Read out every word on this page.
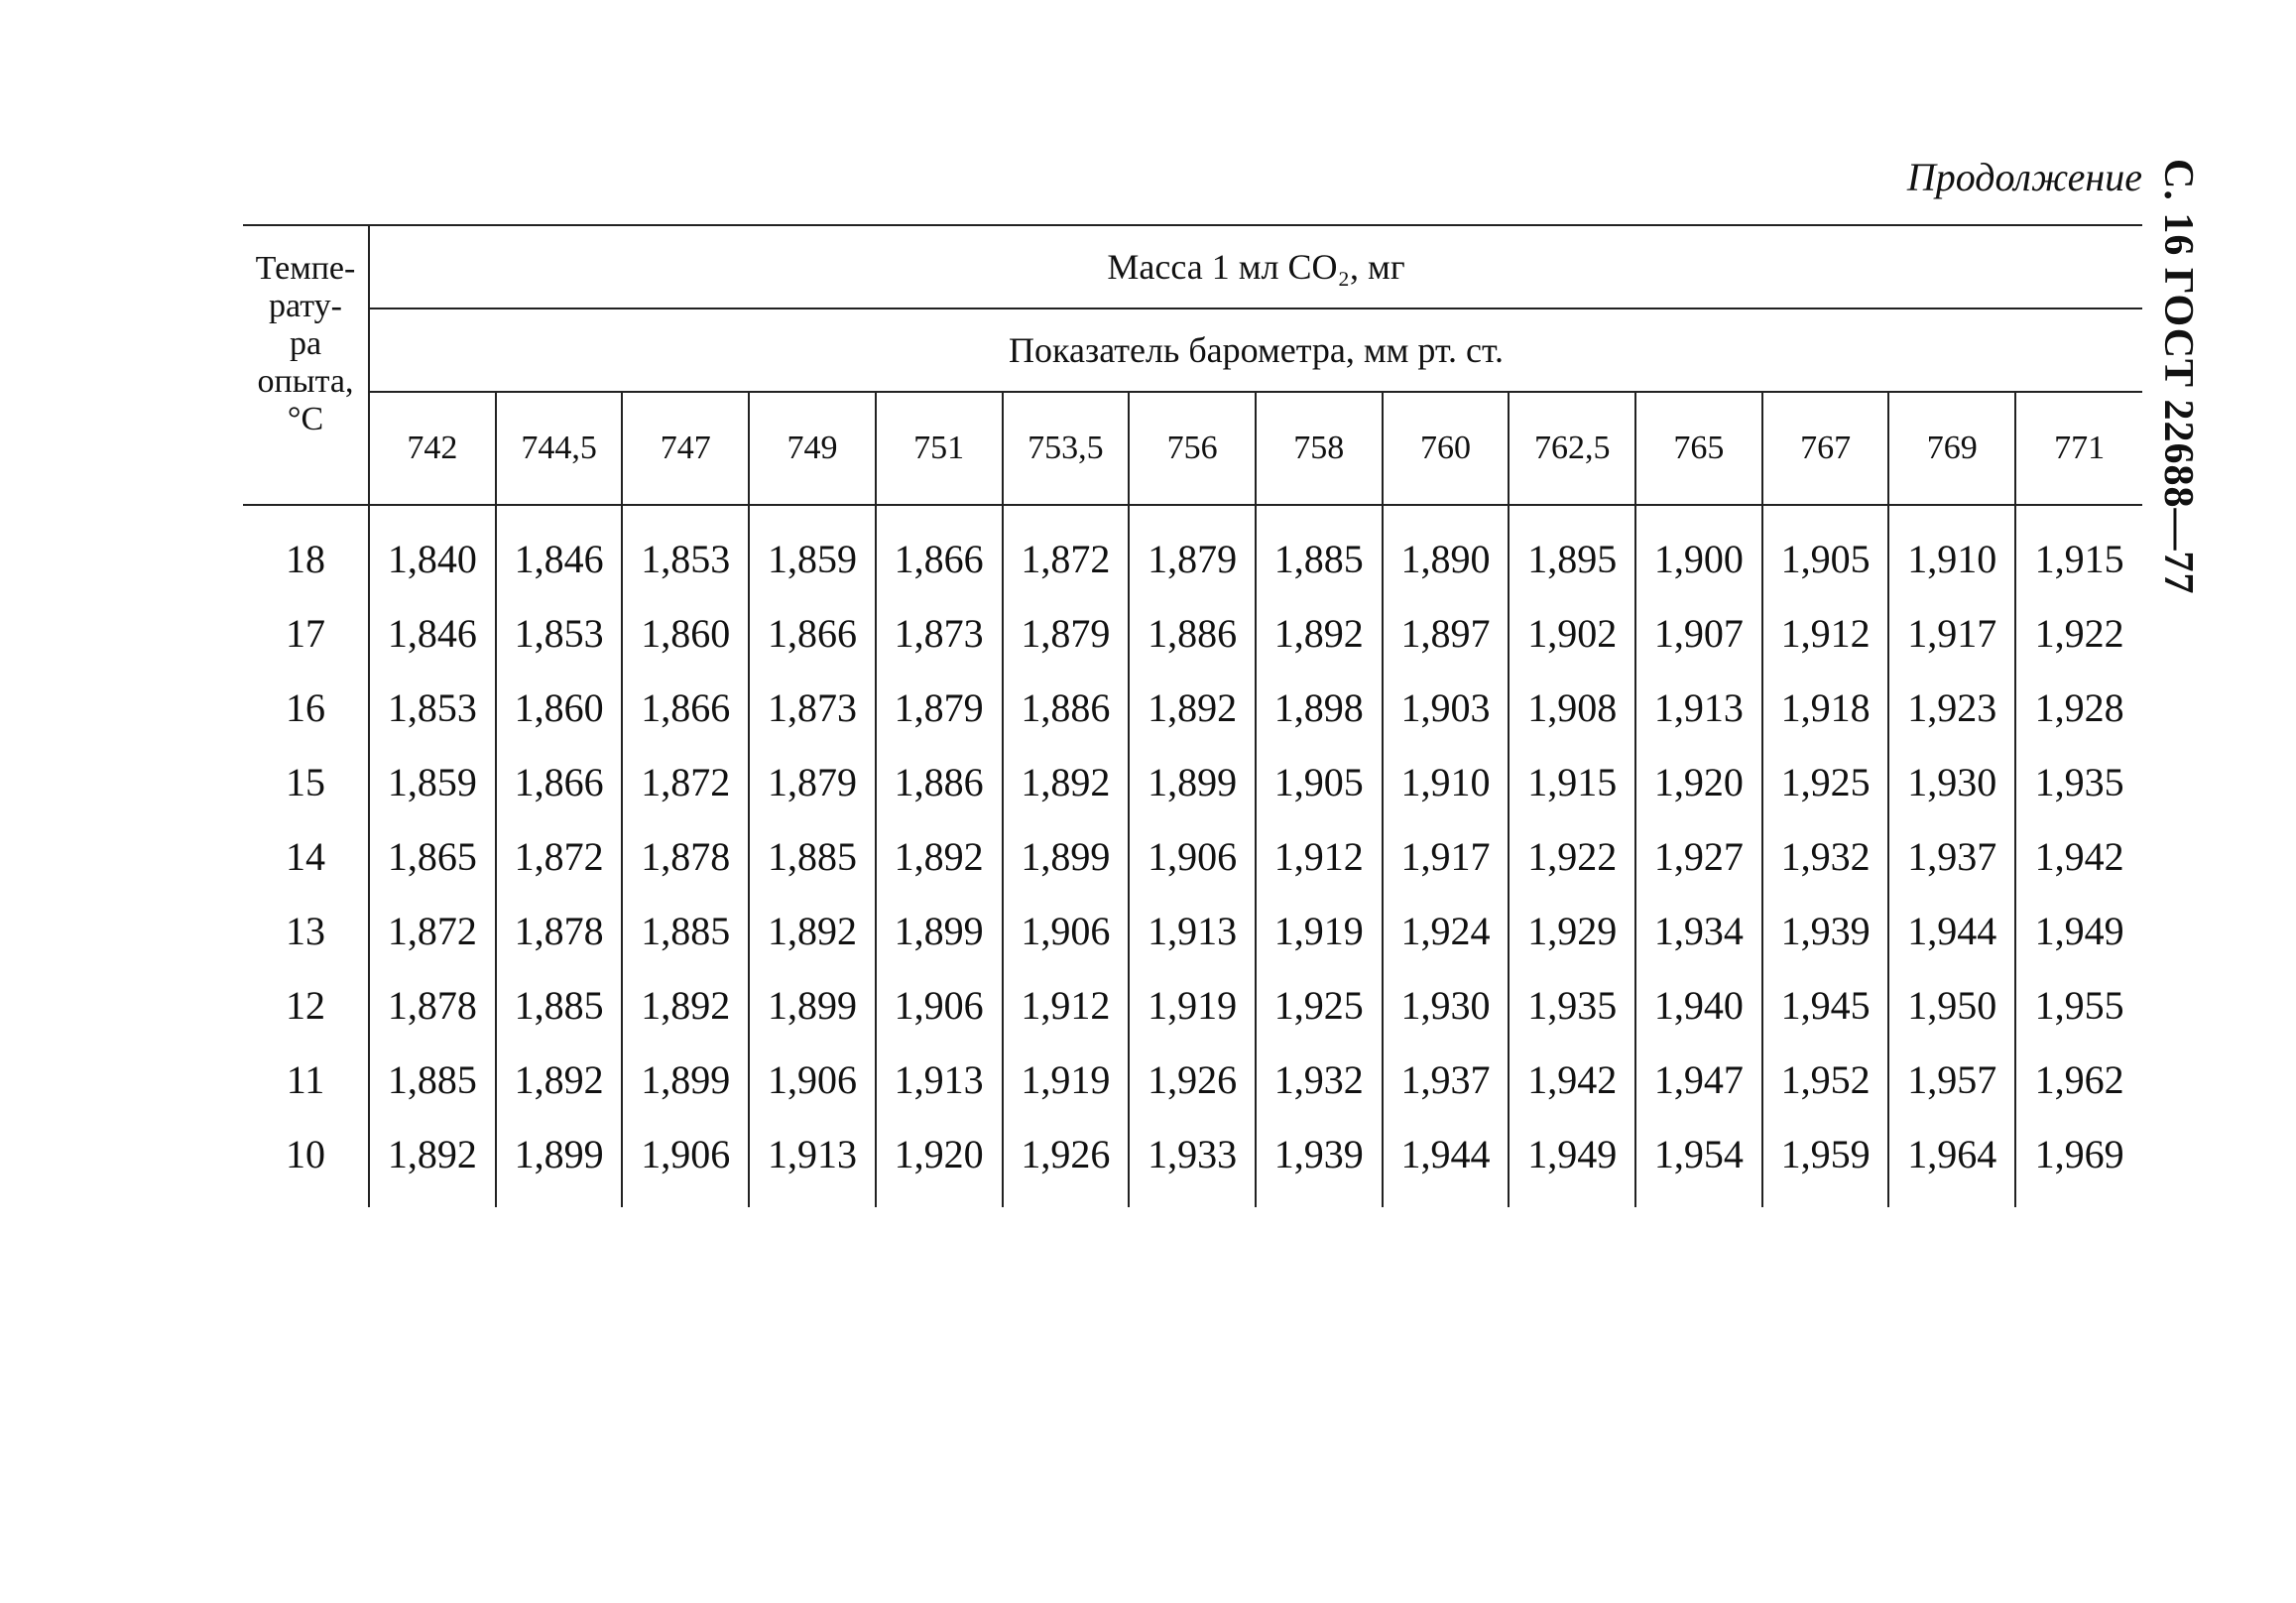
Продолжение С. 16 ГОСТ 22688—77
Темпе-
рату-
ра
опыта,
°С	Масса 1 мл CO₂, мг													
	Показатель барометра, мм рт. ст.													
	742	744,5	747	749	751	753,5	756	758	760	762,5	765	767	769	771
18	1,840	1,846	1,853	1,859	1,866	1,872	1,879	1,885	1,890	1,895	1,900	1,905	1,910	1,915
17	1,846	1,853	1,860	1,866	1,873	1,879	1,886	1,892	1,897	1,902	1,907	1,912	1,917	1,922
16	1,853	1,860	1,866	1,873	1,879	1,886	1,892	1,898	1,903	1,908	1,913	1,918	1,923	1,928
15	1,859	1,866	1,872	1,879	1,886	1,892	1,899	1,905	1,910	1,915	1,920	1,925	1,930	1,935
14	1,865	1,872	1,878	1,885	1,892	1,899	1,906	1,912	1,917	1,922	1,927	1,932	1,937	1,942
13	1,872	1,878	1,885	1,892	1,899	1,906	1,913	1,919	1,924	1,929	1,934	1,939	1,944	1,949
12	1,878	1,885	1,892	1,899	1,906	1,912	1,919	1,925	1,930	1,935	1,940	1,945	1,950	1,955
11	1,885	1,892	1,899	1,906	1,913	1,919	1,926	1,932	1,937	1,942	1,947	1,952	1,957	1,962
10	1,892	1,899	1,906	1,913	1,920	1,926	1,933	1,939	1,944	1,949	1,954	1,959	1,964	1,969
